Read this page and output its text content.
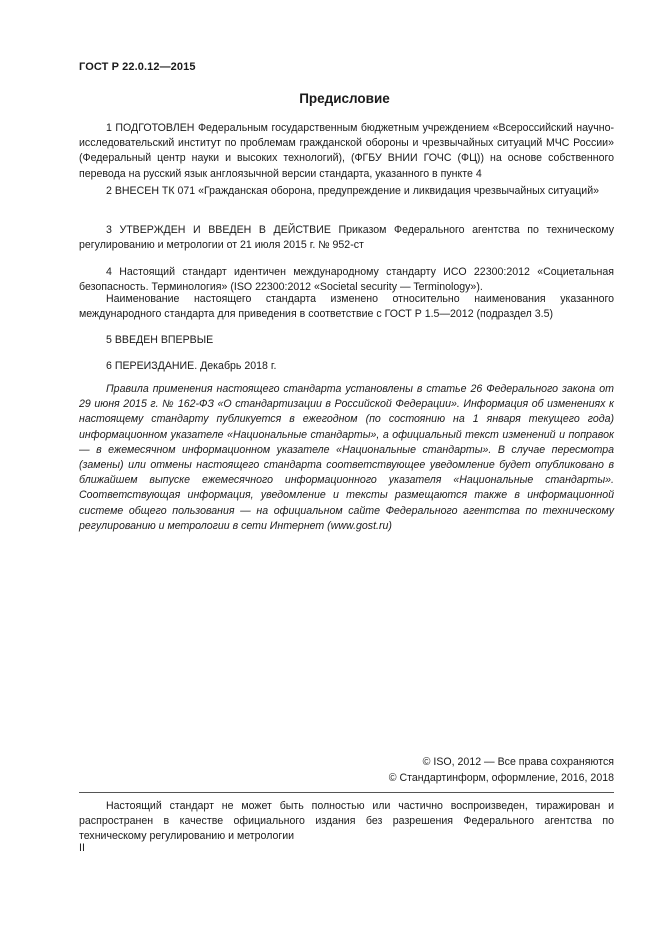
ГОСТ Р 22.0.12—2015
Предисловие
1 ПОДГОТОВЛЕН Федеральным государственным бюджетным учреждением «Всероссийский научно-исследовательский институт по проблемам гражданской обороны и чрезвычайных ситуаций МЧС России» (Федеральный центр науки и высоких технологий), (ФГБУ ВНИИ ГОЧС (ФЦ)) на основе собственного перевода на русский язык англоязычной версии стандарта, указанного в пункте 4
2 ВНЕСЕН ТК 071 «Гражданская оборона, предупреждение и ликвидация чрезвычайных ситуаций»
3 УТВЕРЖДЕН И ВВЕДЕН В ДЕЙСТВИЕ Приказом Федерального агентства по техническому регулированию и метрологии от 21 июля 2015 г. № 952-ст
4 Настоящий стандарт идентичен международному стандарту ИСО 22300:2012 «Социетальная безопасность. Терминология» (ISO 22300:2012 «Societal security — Terminology»).
Наименование настоящего стандарта изменено относительно наименования указанного международного стандарта для приведения в соответствие с ГОСТ Р 1.5—2012 (подраздел 3.5)
5 ВВЕДЕН ВПЕРВЫЕ
6 ПЕРЕИЗДАНИЕ. Декабрь 2018 г.
Правила применения настоящего стандарта установлены в статье 26 Федерального закона от 29 июня 2015 г. № 162-ФЗ «О стандартизации в Российской Федерации». Информация об изменениях к настоящему стандарту публикуется в ежегодном (по состоянию на 1 января текущего года) информационном указателе «Национальные стандарты», а официальный текст изменений и поправок — в ежемесячном информационном указателе «Национальные стандарты». В случае пересмотра (замены) или отмены настоящего стандарта соответствующее уведомление будет опубликовано в ближайшем выпуске ежемесячного информационного указателя «Национальные стандарты». Соответствующая информация, уведомление и тексты размещаются также в информационной системе общего пользования — на официальном сайте Федерального агентства по техническому регулированию и метрологии в сети Интернет (www.gost.ru)
© ISO, 2012 — Все права сохраняются
© Стандартинформ, оформление, 2016, 2018
Настоящий стандарт не может быть полностью или частично воспроизведен, тиражирован и распространен в качестве официального издания без разрешения Федерального агентства по техническому регулированию и метрологии
II
